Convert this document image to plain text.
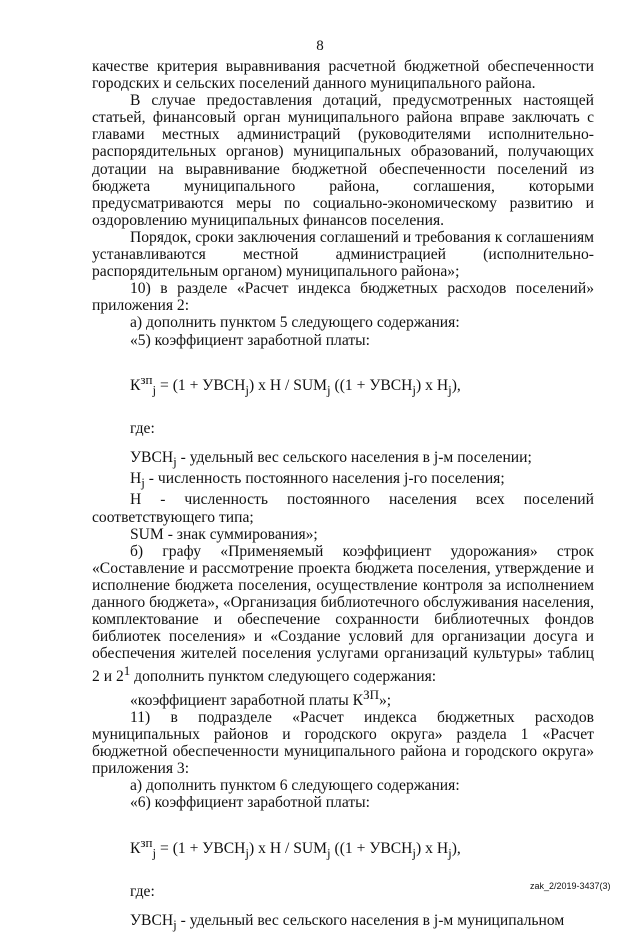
8

качестве критерия выравнивания расчетной бюджетной обеспеченности городских и сельских поселений данного муниципального района.

В случае предоставления дотаций, предусмотренных настоящей статьей, финансовый орган муниципального района вправе заключать с главами местных администраций (руководителями исполнительно-распорядительных органов) муниципальных образований, получающих дотации на выравнивание бюджетной обеспеченности поселений из бюджета муниципального района, соглашения, которыми предусматриваются меры по социально-экономическому развитию и оздоровлению муниципальных финансов поселения.

Порядок, сроки заключения соглашений и требования к соглашениям устанавливаются местной администрацией (исполнительно-распорядительным органом) муниципального района»;

10) в разделе «Расчет индекса бюджетных расходов поселений» приложения 2:

а) дополнить пунктом 5 следующего содержания:

«5) коэффициент заработной платы:

$К^{зп}_j = (1$ + $УВСН_j$) х Н / $SUM_j$ ($(1 + УВСН_j)$ х $Н_j$),

где:

$УВСН_j$ - удельный вес сельского населения в j-м поселении;

$Н_j$ - численность постоянного населения j-го поселения;

Н - численность постоянного населения всех поселений соответствующего типа;

SUM - знак суммирования»;

б) графу «Применяемый коэффициент удорожания» строк «Составление и рассмотрение проекта бюджета поселения, утверждение и исполнение бюджета поселения, осуществление контроля за исполнением данного бюджета», «Организация библиотечного обслуживания населения, комплектование и обеспечение сохранности библиотечных фондов библиотек поселения» и «Создание условий для организации досуга и обеспечения жителей поселения услугами организаций культуры» таблиц 2 и $2^1$ дополнить пунктом следующего содержания:

«коэффициент заработной платы $К^{ЗП}$»;

11) в подразделе «Расчет индекса бюджетных расходов муниципальных районов и городского округа» раздела 1 «Расчет бюджетной обеспеченности муниципального района и городского округа» приложения 3:

а) дополнить пунктом 6 следующего содержания:

«6) коэффициент заработной платы:

$К^{зп}_j = (1$ + $УВСН_j$) х Н / $SUM_j$ ($(1 + УВСН_j)$ х $Н_j$),

где:

$УВСН_j$ - удельный вес сельского населения в j-м муниципальном

zak_2/2019-3437(3)
